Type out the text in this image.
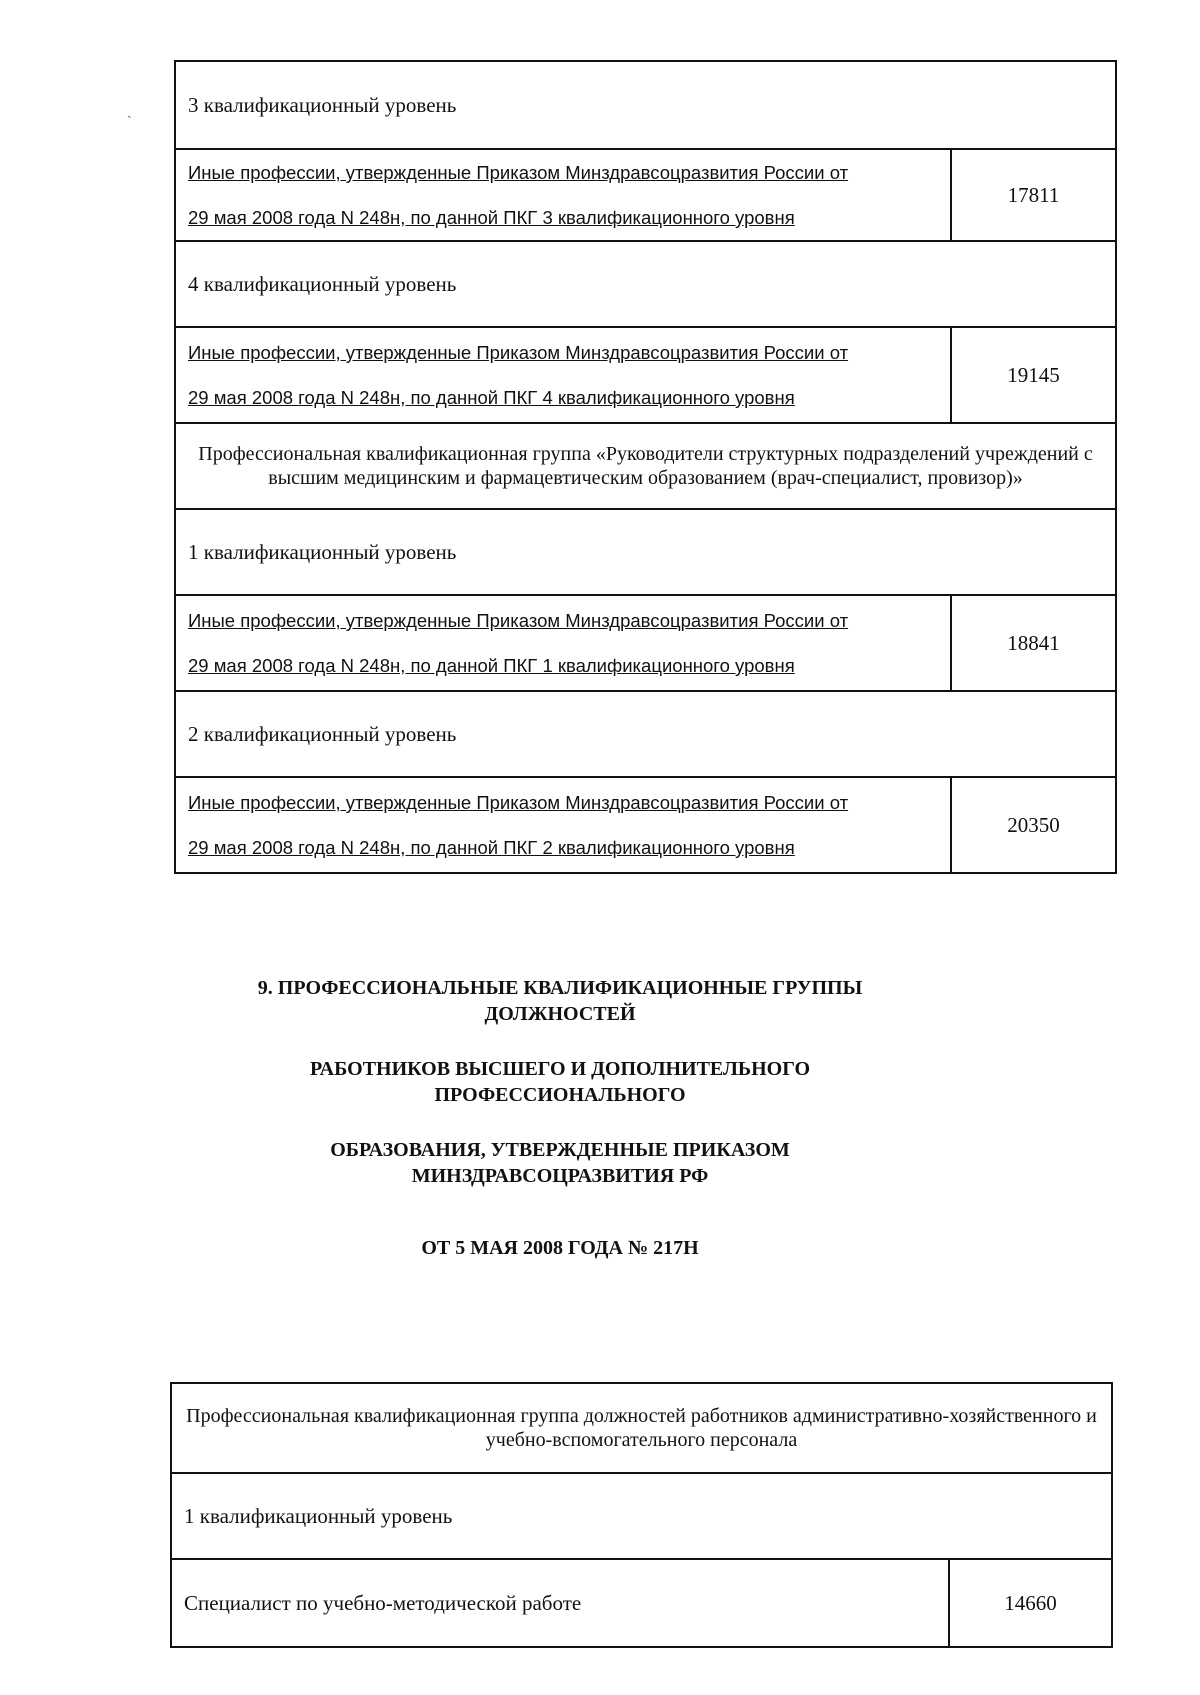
ˏ	3 квалификационный уровень	

Иные профессии, утвержденные Приказом Минздравсоцразвития России от
29 мая 2008 года N 248н, по данной ПКГ 3 квалификационного уровня	17811
4 квалификационный уровень	

Иные профессии, утвержденные Приказом Минздравсоцразвития России от
29 мая 2008 года N 248н, по данной ПКГ 4 квалификационного уровня	19145
Профессиональная квалификационная группа «Руководители структурных подразделений учреждений с высшим медицинским и фармацевтическим образованием (врач-специалист, провизор)»	
1 квалификационный уровень	

Иные профессии, утвержденные Приказом Минздравсоцразвития России от
29 мая 2008 года N 248н, по данной ПКГ 1 квалификационного уровня	18841
2 квалификационный уровень	

Иные профессии, утвержденные Приказом Минздравсоцразвития России от
29 мая 2008 года N 248н, по данной ПКГ 2 квалификационного уровня	20350
9. ПРОФЕССИОНАЛЬНЫЕ КВАЛИФИКАЦИОННЫЕ ГРУППЫ
ДОЛЖНОСТЕЙ
РАБОТНИКОВ ВЫСШЕГО И ДОПОЛНИТЕЛЬНОГО
ПРОФЕССИОНАЛЬНОГО
ОБРАЗОВАНИЯ, УТВЕРЖДЕННЫЕ ПРИКАЗОМ
МИНЗДРАВСОЦРАЗВИТИЯ РФ
ОТ 5 МАЯ 2008 ГОДА № 217Н
Профессиональная квалификационная группа должностей работников административно-хозяйственного и учебно-вспомогательного персонала
1 квалификационный уровень
Специалист по учебно-методической работе	14660
